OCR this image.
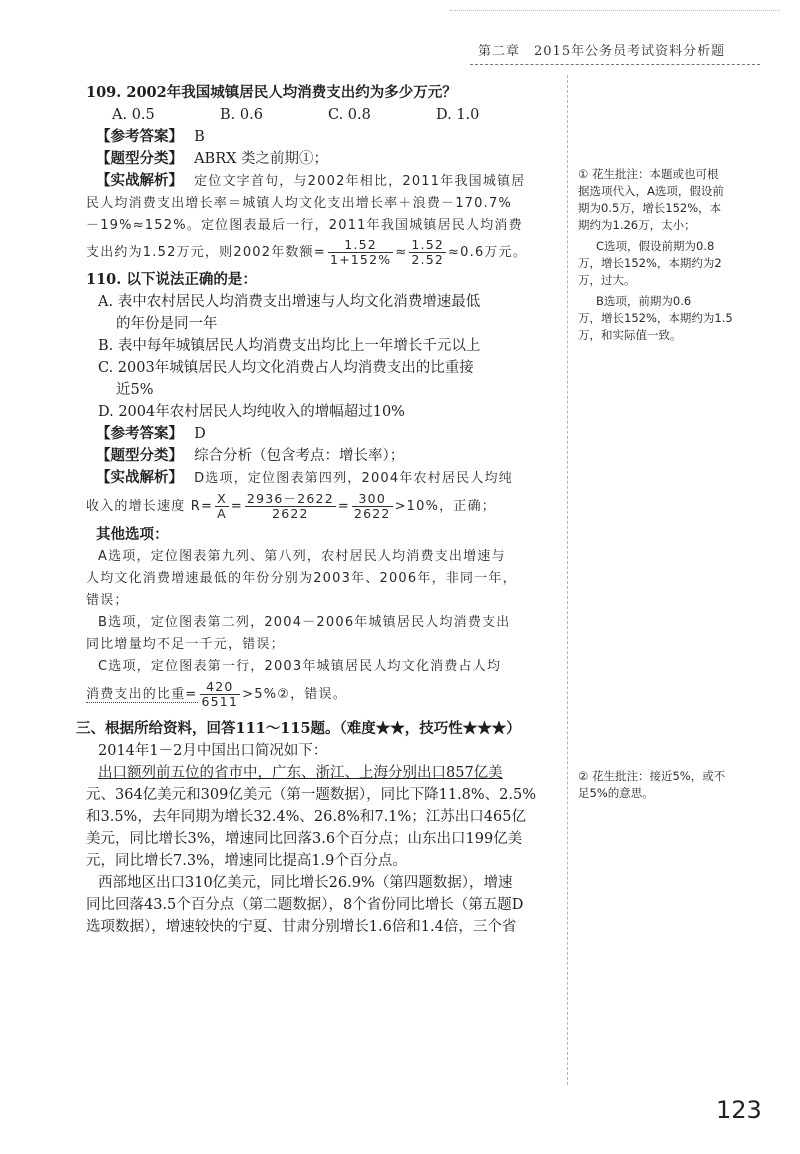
第二章　2015年公务员考试资料分析题
109. 2002年我国城镇居民人均消费支出约为多少万元？
A. 0.5	B. 0.6	C. 0.8	D. 1.0
【参考答案】 B
【题型分类】 ABRX 类之前期①；
【实战解析】 定位文字首句，与2002年相比，2011年我国城镇居
民人均消费支出增长率＝城镇人均文化支出增长率＋浪费－170.7%
－19%≈152%。定位图表最后一行，2011年我国城镇居民人均消费
支出约为1.52万元，则2002年数额= $\frac{1.52}{1+152\%} \approx \frac{1.52}{2.52} \approx 0.6$万元。
110. 以下说法正确的是：
A. 表中农村居民人均消费支出增速与人均文化消费增速最低
的年份是同一年
B. 表中每年城镇居民人均消费支出均比上一年增长千元以上
C. 2003年城镇居民人均文化消费占人均消费支出的比重接
近5%
D. 2004年农村居民人均纯收入的增幅超过10%
【参考答案】 D
【题型分类】 综合分析（包含考点：增长率）；
【实战解析】 D选项，定位图表第四列，2004年农村居民人均纯
收入的增长速度 $R= \frac{X}{A} = \frac{2936-2622}{2622} = \frac{300}{2622} >10\%$，正确；
其他选项：
A选项，定位图表第九列、第八列，农村居民人均消费支出增速与
人均文化消费增速最低的年份分别为2003年、2006年，非同一年，
错误；
B选项，定位图表第二列，2004－2006年城镇居民人均消费支出
同比增量均不足一千元，错误；
C选项，定位图表第一行，2003年城镇居民人均文化消费占人均
消费支出的比重= $\frac{420}{6511}$ >5%②，错误。
三、根据所给资料，回答111～115题。（难度★★，技巧性★★★）
2014年1－2月中国出口简况如下：
出口额列前五位的省市中，广东、浙江、上海分别出口857亿美
元、364亿美元和309亿美元（第一题数据），同比下降11.8%、2.5%
和3.5%，去年同期为增长32.4%、26.8%和7.1%；江苏出口465亿
美元，同比增长3%，增速同比回落3.6个百分点；山东出口199亿美
元，同比增长7.3%，增速同比提高1.9个百分点。
西部地区出口310亿美元，同比增长26.9%（第四题数据），增速
同比回落43.5个百分点（第二题数据），8个省份同比增长（第五题D
选项数据），增速较快的宁夏、甘肃分别增长1.6倍和1.4倍，三个省

① 花生批注：本题或也可根
据选项代入，A选项，假设前
期为0.5万，增长152%，本
期约为1.26万，太小；

C选项，假设前期为0.8

万，增长152%，本期约为2
万，过大。

B选项，前期为0.6

万，增长152%，本期约为1.5
万，和实际值一致。

② 花生批注：接近5%，或不
足5%的意思。

123
